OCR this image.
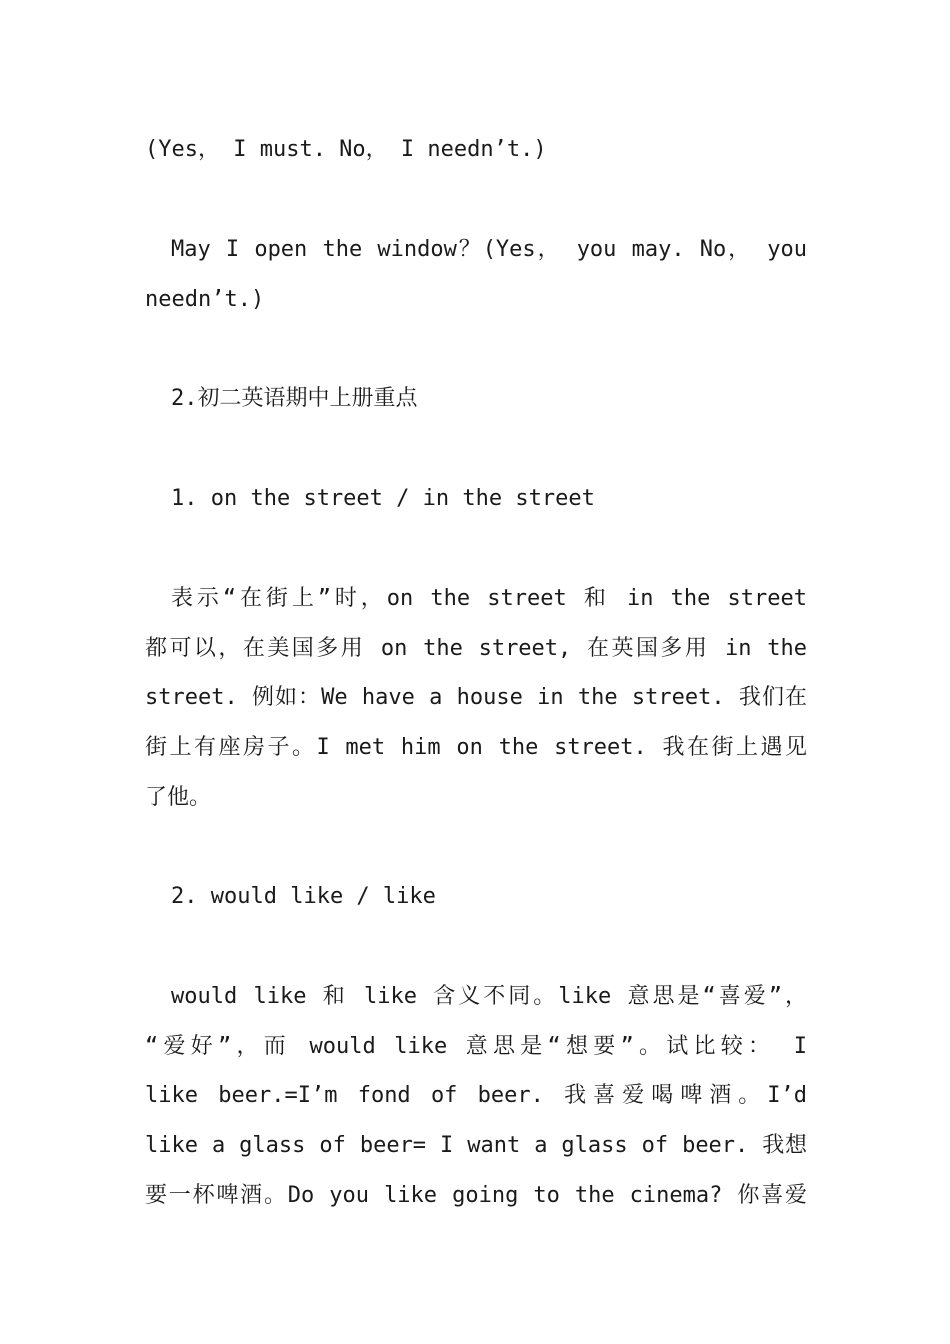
(Yes， I must. No， I needn’t.)

May I open the window？(Yes， you may. No， you

needn’t.)

2.初二英语期中上册重点

1. on the street / in the street

表示“在街上”时，on the street 和 in the street

都可以，在美国多用 on the street, 在英国多用 in the

street. 例如：We have a house in the street. 我们在

街上有座房子。I met him on the street. 我在街上遇见

了他。

2. would like / like

would like 和 like 含义不同。like 意思是“喜爱”，

“爱好”，而 would like 意思是“想要”。试比较： I

like beer.=I’m fond of beer. 我喜爱喝啤酒。I’d

like a glass of beer= I want a glass of beer. 我想

要一杯啤酒。Do you like going to the cinema? 你喜爱
